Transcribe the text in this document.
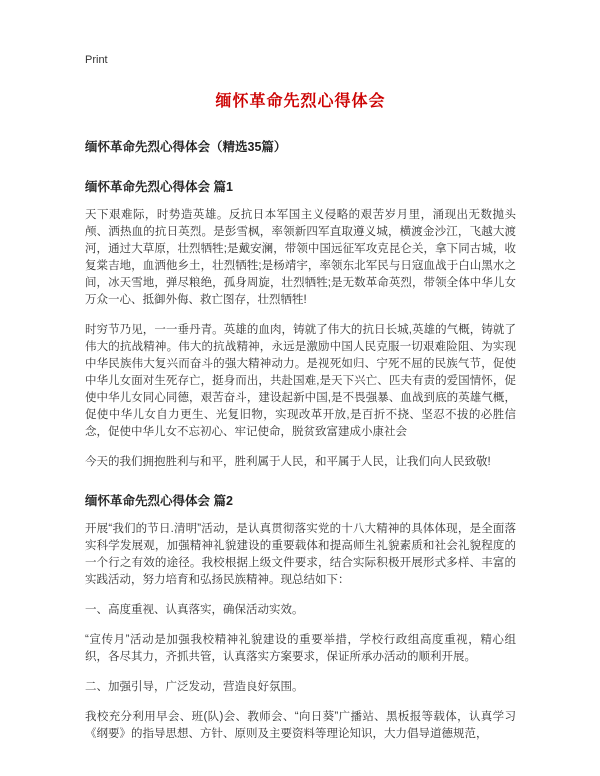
Print
缅怀革命先烈心得体会
缅怀革命先烈心得体会（精选35篇）
缅怀革命先烈心得体会 篇1

天下艰难际，时势造英雄。反抗日本军国主义侵略的艰苦岁月里，涌现出无数抛头颅、洒热血的抗日英烈。是彭雪枫，率领新四军直取遵义城，横渡金沙江，飞越大渡河，通过大草原，壮烈牺牲;是戴安澜，带领中国远征军攻克昆仑关，拿下同古城，收复棠吉地，血洒他乡土，壮烈牺牲;是杨靖宇，率领东北军民与日寇血战于白山黑水之间，冰天雪地，弹尽粮绝，孤身周旋，壮烈牺牲;是无数革命英烈，带领全体中华儿女万众一心、抵御外侮、救亡图存，壮烈牺牲!

时穷节乃见，一一垂丹青。英雄的血肉，铸就了伟大的抗日长城,英雄的气概，铸就了伟大的抗战精神。伟大的抗战精神，永远是激励中国人民克服一切艰难险阻、为实现中华民族伟大复兴而奋斗的强大精神动力。是视死如归、宁死不屈的民族气节，促使中华儿女面对生死存亡，挺身而出，共赴国难,是天下兴亡、匹夫有责的爱国情怀，促使中华儿女同心同德，艰苦奋斗，建设起新中国,是不畏强暴、血战到底的英雄气概，促使中华儿女自力更生、光复旧物，实现改革开放,是百折不挠、坚忍不拔的必胜信念，促使中华儿女不忘初心、牢记使命，脱贫致富建成小康社会

今天的我们拥抱胜利与和平，胜利属于人民，和平属于人民，让我们向人民致敬!

缅怀革命先烈心得体会 篇2

开展“我们的节日.清明”活动，是认真贯彻落实党的十八大精神的具体体现，是全面落实科学发展观，加强精神礼貌建设的重要载体和提高师生礼貌素质和社会礼貌程度的一个行之有效的途径。我校根据上级文件要求，结合实际积极开展形式多样、丰富的实践活动，努力培育和弘扬民族精神。现总结如下：

一、高度重视、认真落实，确保活动实效。

“宣传月”活动是加强我校精神礼貌建设的重要举措，学校行政组高度重视，精心组织，各尽其力，齐抓共管，认真落实方案要求，保证所承办活动的顺利开展。

二、加强引导，广泛发动，营造良好氛围。

我校充分利用早会、班(队)会、教师会、“向日葵”广播站、黑板报等载体，认真学习《纲要》的指导思想、方针、原则及主要资料等理论知识，大力倡导道德规范，
